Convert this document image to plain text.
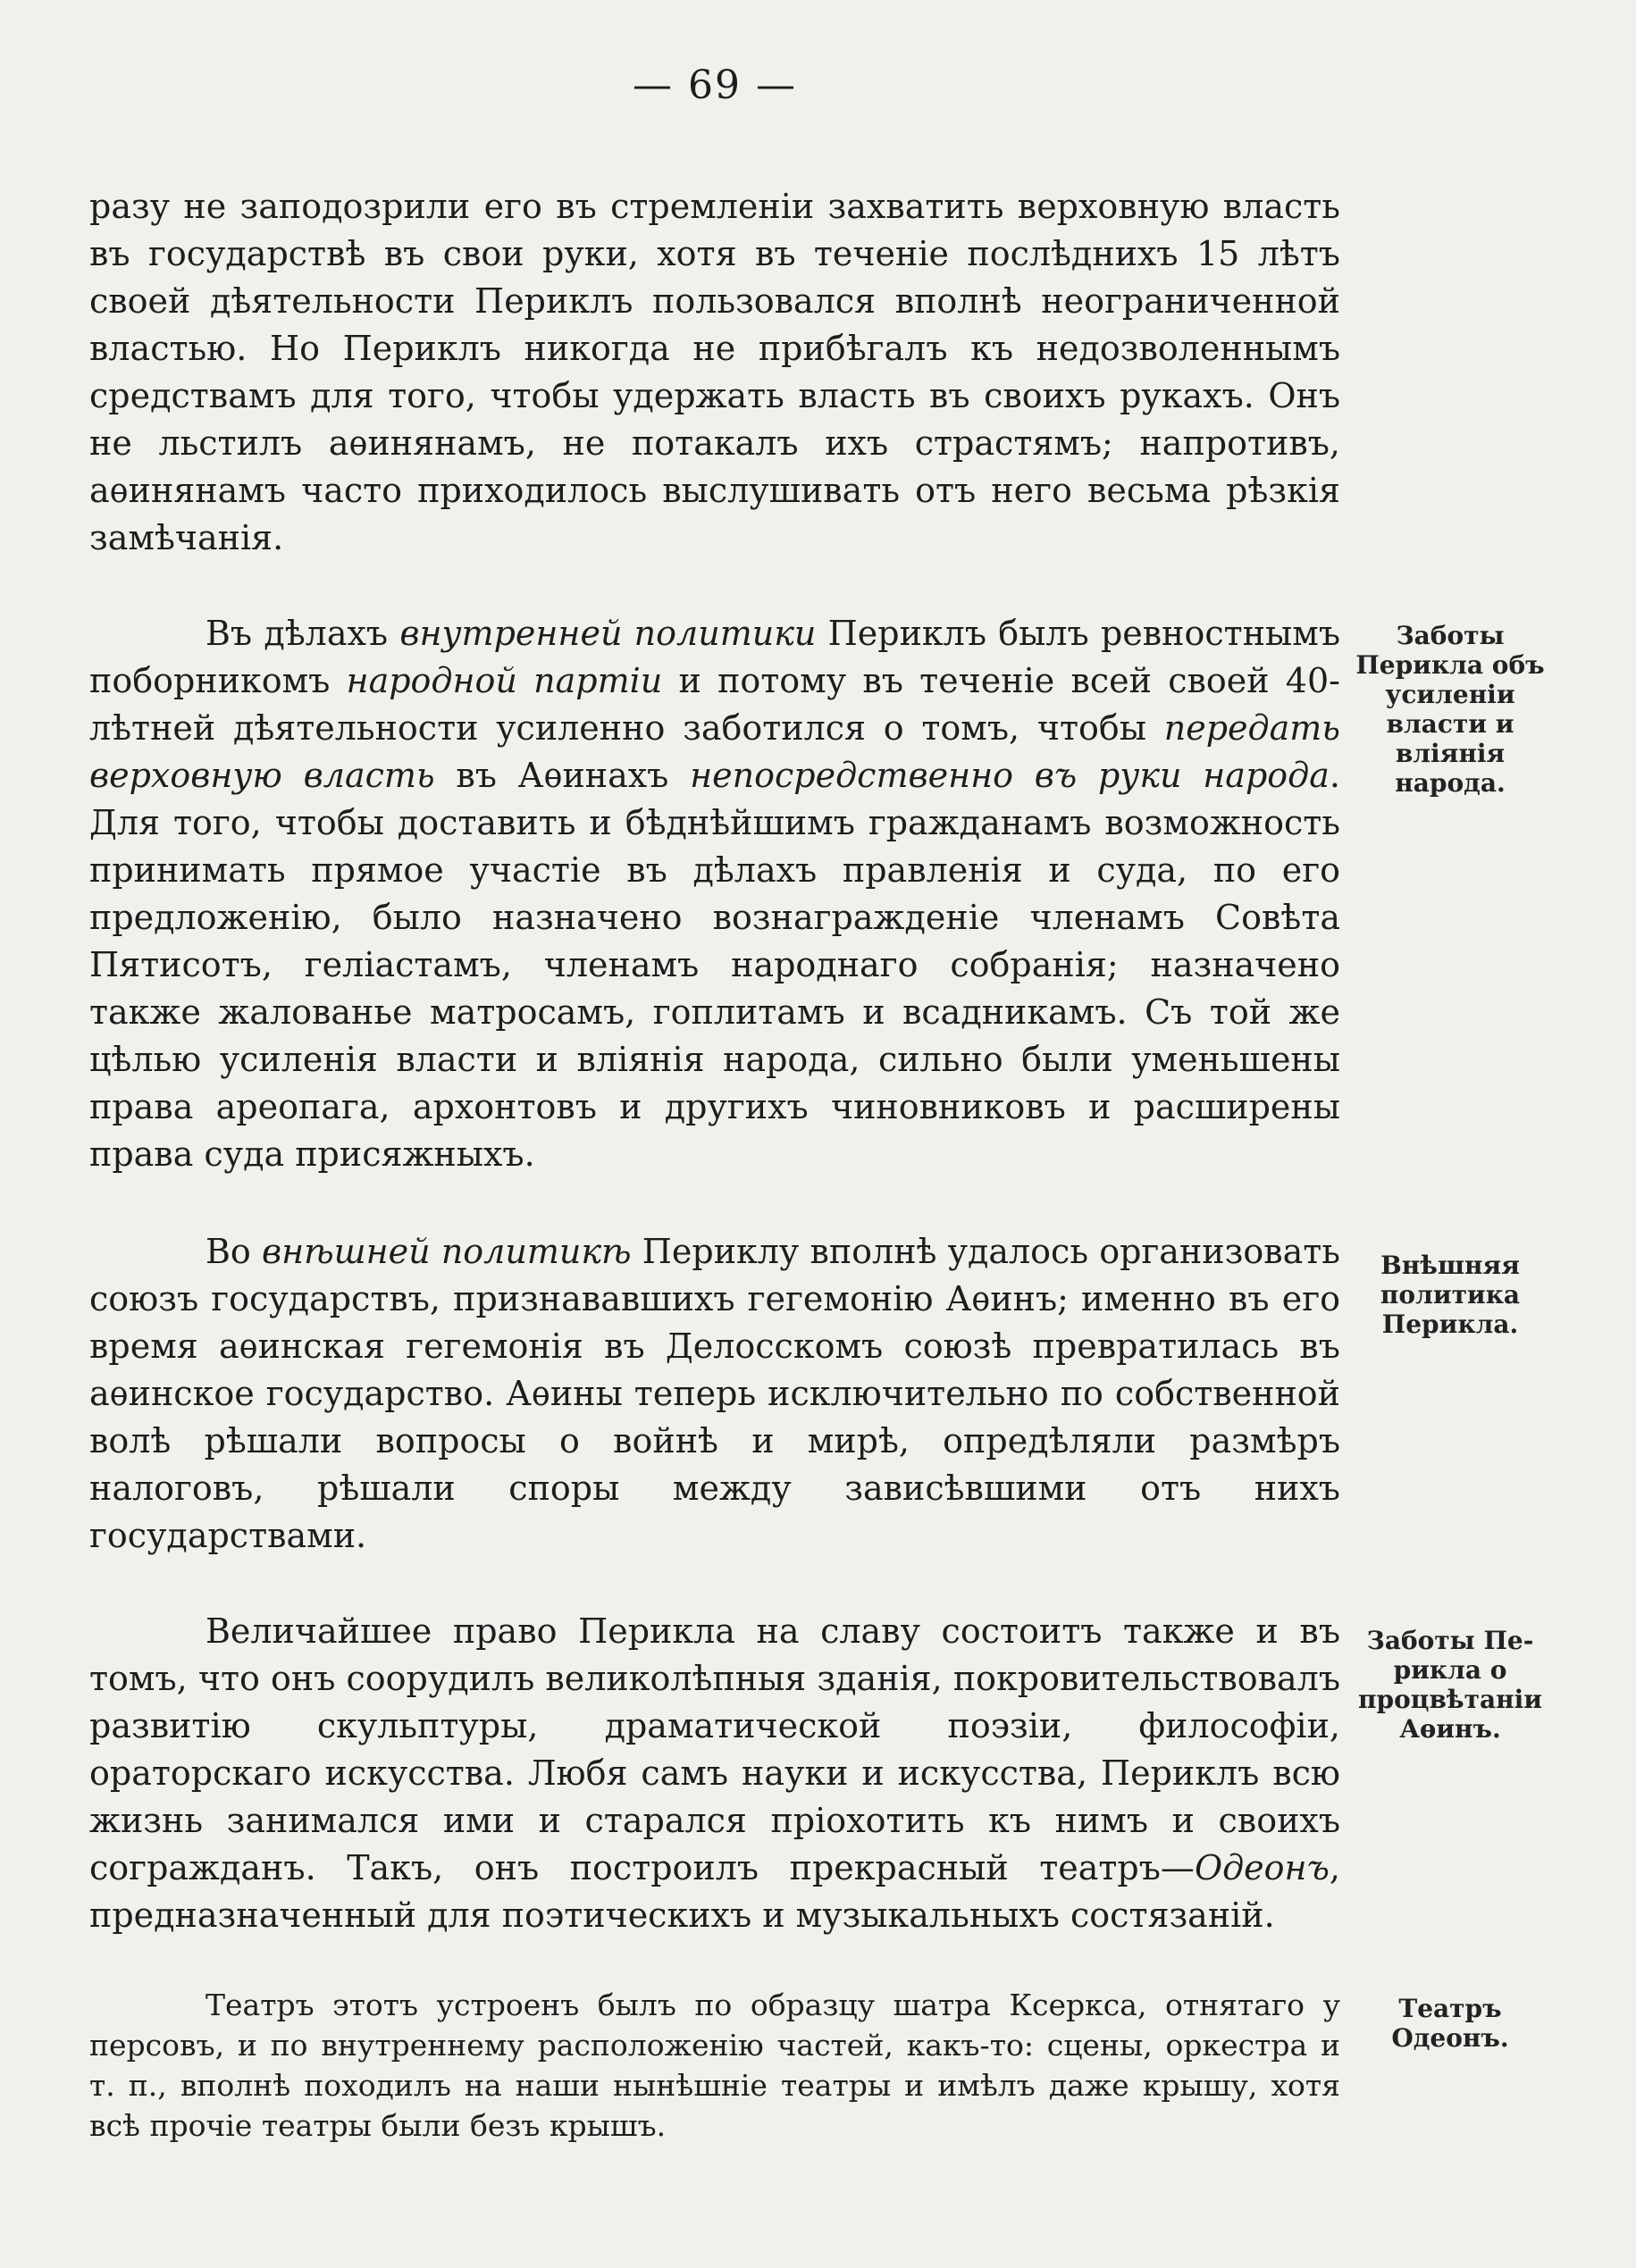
— 69 —

разу не заподозрили его въ стремленіи захватить верховную власть въ государствѣ въ свои руки, хотя въ теченіе послѣднихъ 15 лѣтъ своей дѣятельности Периклъ пользовался вполнѣ неограниченной властью. Но Периклъ никогда не прибѣгалъ къ недозволеннымъ средствамъ для того, чтобы удержать власть въ своихъ рукахъ. Онъ не льстилъ аѳинянамъ, не потакалъ ихъ страстямъ; напротивъ, аѳинянамъ часто приходилось выслушивать отъ него весьма рѣзкія замѣчанія.

Въ дѣлахъ внутренней политики Периклъ былъ ревностнымъ поборникомъ народной партіи и потому въ теченіе всей своей 40-лѣтней дѣятельности усиленно заботился о томъ, чтобы передать верховную власть въ Аѳинахъ непосредственно въ руки народа. Для того, чтобы доставить и бѣднѣйшимъ гражданамъ возможность принимать прямое участіе въ дѣлахъ правленія и суда, по его предложенію, было назначено вознагражденіе членамъ Совѣта Пятисотъ, геліастамъ, членамъ народнаго собранія; назначено также жалованье матросамъ, гоплитамъ и всадникамъ. Съ той же цѣлью усиленія власти и вліянія народа, сильно были уменьшены права ареопага, архонтовъ и другихъ чиновниковъ и расширены права суда присяжныхъ.

Во внѣшней политикѣ Периклу вполнѣ удалось организовать союзъ государствъ, признававшихъ гегемонію Аѳинъ; именно въ его время аѳинская гегемонія въ Делосскомъ союзѣ превратилась въ аѳинское государство. Аѳины теперь исключительно по собственной волѣ рѣшали вопросы о войнѣ и мирѣ, опредѣляли размѣръ налоговъ, рѣшали споры между зависѣвшими отъ нихъ государствами.

Величайшее право Перикла на славу состоитъ также и въ томъ, что онъ соорудилъ великолѣпныя зданія, покровительствовалъ развитію скульптуры, драматической поэзіи, философіи, ораторскаго искусства. Любя самъ науки и искусства, Периклъ всю жизнь занимался ими и старался пріохотить къ нимъ и своихъ согражданъ. Такъ, онъ построилъ прекрасный театръ—Одеонъ, предназначенный для поэтическихъ и музыкальныхъ состязаній.

Театръ этотъ устроенъ былъ по образцу шатра Ксеркса, отнятаго у персовъ, и по внутреннему расположенію частей, какъ-то: сцены, оркестра и т. п., вполнѣ походилъ на наши нынѣшніе театры и имѣлъ даже крышу, хотя всѣ прочіе театры были безъ крышъ.

Заботы
Перикла объ
усиленіи
власти и
вліянія
народа.
Внѣшняя
политика
Перикла.
Заботы Пе-
рикла о
процвѣтаніи
Аѳинъ.
Театръ
Одеонъ.
